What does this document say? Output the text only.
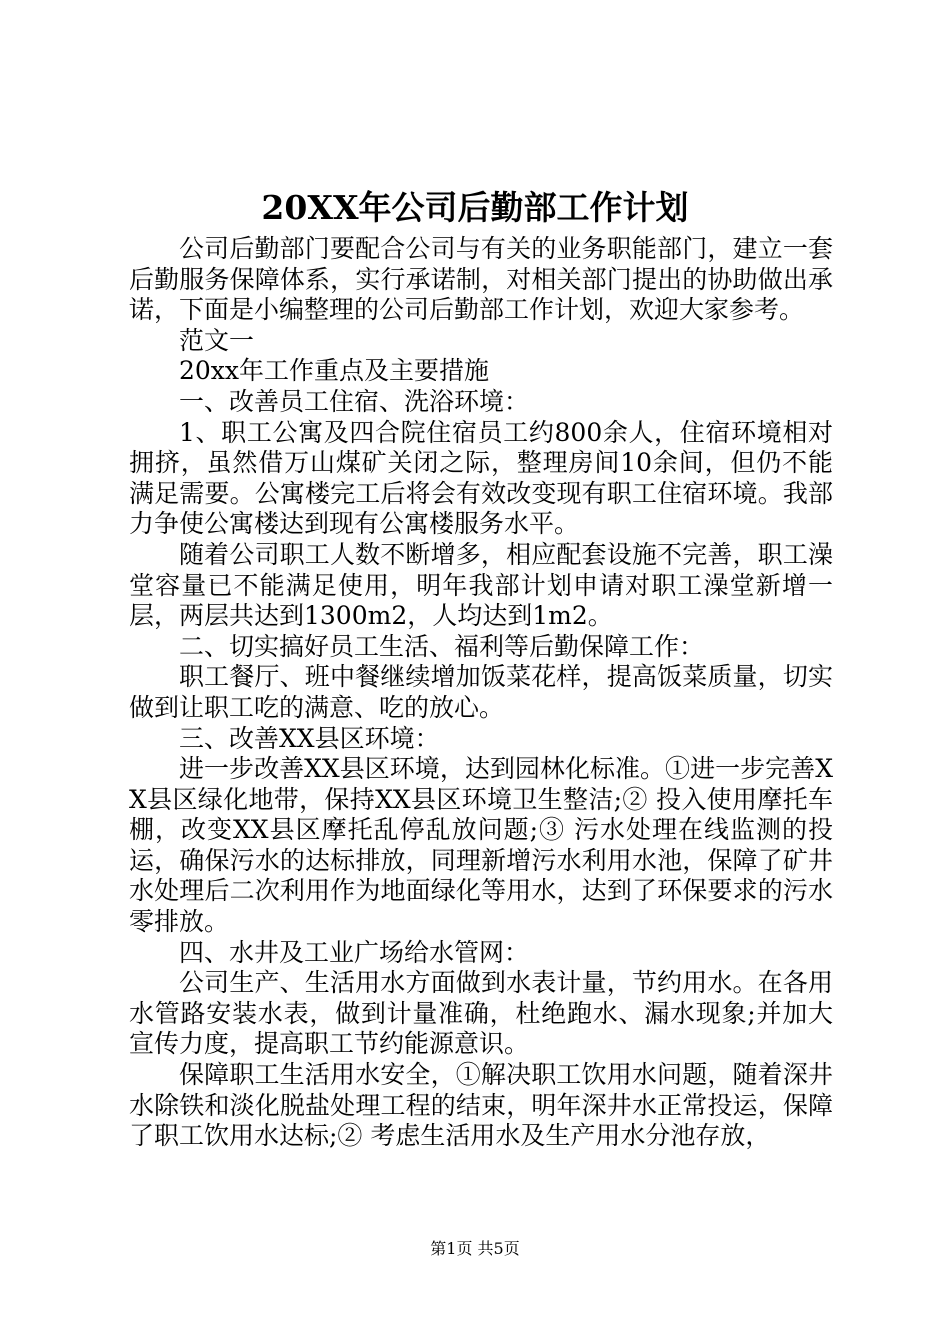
20XX年公司后勤部工作计划

公司后勤部门要配合公司与有关的业务职能部门，建立一套后勤服务保障体系，实行承诺制，对相关部门提出的协助做出承诺，下面是小编整理的公司后勤部工作计划，欢迎大家参考。

范文一

20xx年工作重点及主要措施

一、改善员工住宿、洗浴环境：

1、职工公寓及四合院住宿员工约800余人，住宿环境相对拥挤，虽然借万山煤矿关闭之际，整理房间10余间，但仍不能满足需要。公寓楼完工后将会有效改变现有职工住宿环境。我部力争使公寓楼达到现有公寓楼服务水平。

随着公司职工人数不断增多，相应配套设施不完善，职工澡堂容量已不能满足使用，明年我部计划申请对职工澡堂新增一层，两层共达到1300m2，人均达到1m2。

二、切实搞好员工生活、福利等后勤保障工作：

职工餐厅、班中餐继续增加饭菜花样，提高饭菜质量，切实做到让职工吃的满意、吃的放心。

三、改善XX县区环境：

进一步改善XX县区环境，达到园林化标准。①进一步完善XX县区绿化地带，保持XX县区环境卫生整洁;② 投入使用摩托车棚，改变XX县区摩托乱停乱放问题;③ 污水处理在线监测的投运，确保污水的达标排放，同理新增污水利用水池，保障了矿井水处理后二次利用作为地面绿化等用水，达到了环保要求的污水零排放。

四、水井及工业广场给水管网：

公司生产、生活用水方面做到水表计量，节约用水。在各用水管路安装水表，做到计量准确，杜绝跑水、漏水现象;并加大宣传力度，提高职工节约能源意识。

保障职工生活用水安全，①解决职工饮用水问题，随着深井水除铁和淡化脱盐处理工程的结束，明年深井水正常投运，保障了职工饮用水达标;② 考虑生活用水及生产用水分池存放，

第1页 共5页
